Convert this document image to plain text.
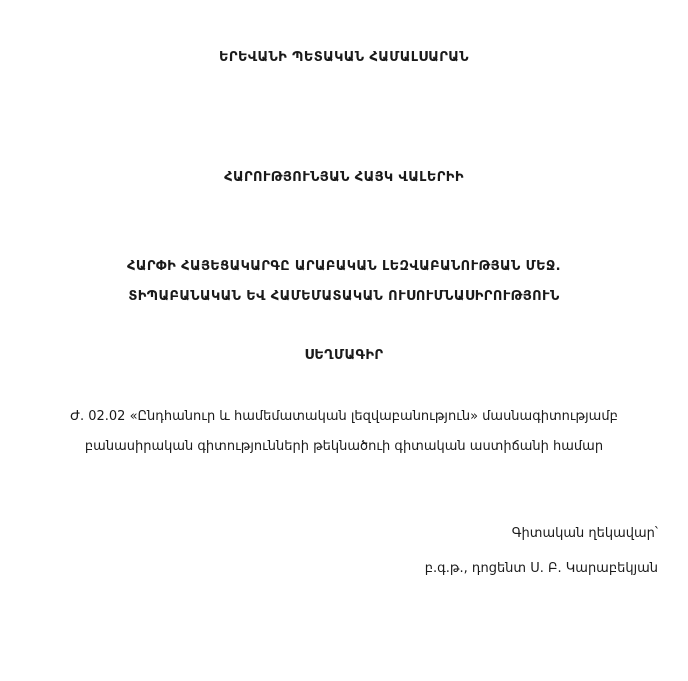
ԵՐԵՎԱՆԻ ՊԵՏԱԿԱՆ ՀԱՄԱԼՍԱՐԱՆ
ՀԱՐՈՒԹՅՈՒՆՅԱՆ ՀԱՅԿ ՎԱԼԵՐԻԻ
ՀԱՐՓԻ ՀԱՅԵՑԱԿԱՐԳԸ ԱՐԱԲԱԿԱՆ ԼԵԶՎԱԲԱՆՈՒԹՅԱՆ ՄԵՋ.
ՏԻՊԱԲԱՆԱԿԱՆ ԵՎ ՀԱՄԵՄԱՏԱԿԱՆ ՈՒՍՈՒՄՆԱՍԻՐՈՒԹՅՈՒՆ
ՍԵՂՄԱԳԻՐ
Ժ. 02.02 «Ընդհանուր և համեմատական լեզվաբանություն» մասնագիտությամբ
բանասիրական գիտությունների թեկնածուի գիտական աստիճանի համար
Գիտական ղեկավար՝
բ.գ.թ., դոցենտ Ս. Բ. Կարաբեկյան
